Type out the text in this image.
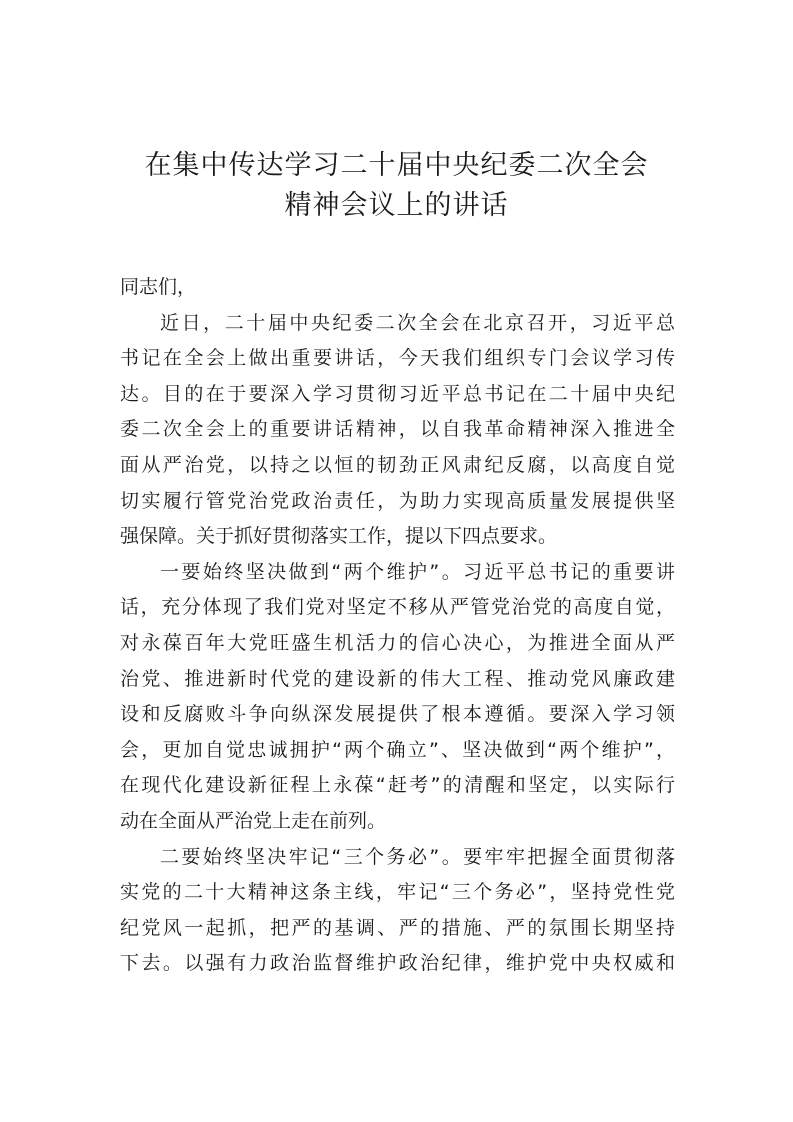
在集中传达学习二十届中央纪委二次全会
精神会议上的讲话

同志们，

近日，二十届中央纪委二次全会在北京召开，习近平总
书记在全会上做出重要讲话，今天我们组织专门会议学习传
达。目的在于要深入学习贯彻习近平总书记在二十届中央纪
委二次全会上的重要讲话精神，以自我革命精神深入推进全
面从严治党，以持之以恒的韧劲正风肃纪反腐，以高度自觉
切实履行管党治党政治责任，为助力实现高质量发展提供坚
强保障。关于抓好贯彻落实工作，提以下四点要求。

一要始终坚决做到“两个维护”。习近平总书记的重要讲
话，充分体现了我们党对坚定不移从严管党治党的高度自觉，
对永葆百年大党旺盛生机活力的信心决心，为推进全面从严
治党、推进新时代党的建设新的伟大工程、推动党风廉政建
设和反腐败斗争向纵深发展提供了根本遵循。要深入学习领
会，更加自觉忠诚拥护“两个确立”、坚决做到“两个维护”，
在现代化建设新征程上永葆“赶考”的清醒和坚定，以实际行
动在全面从严治党上走在前列。

二要始终坚决牢记“三个务必”。要牢牢把握全面贯彻落
实党的二十大精神这条主线，牢记“三个务必”，坚持党性党
纪党风一起抓，把严的基调、严的措施、严的氛围长期坚持
下去。以强有力政治监督维护政治纪律，维护党中央权威和
